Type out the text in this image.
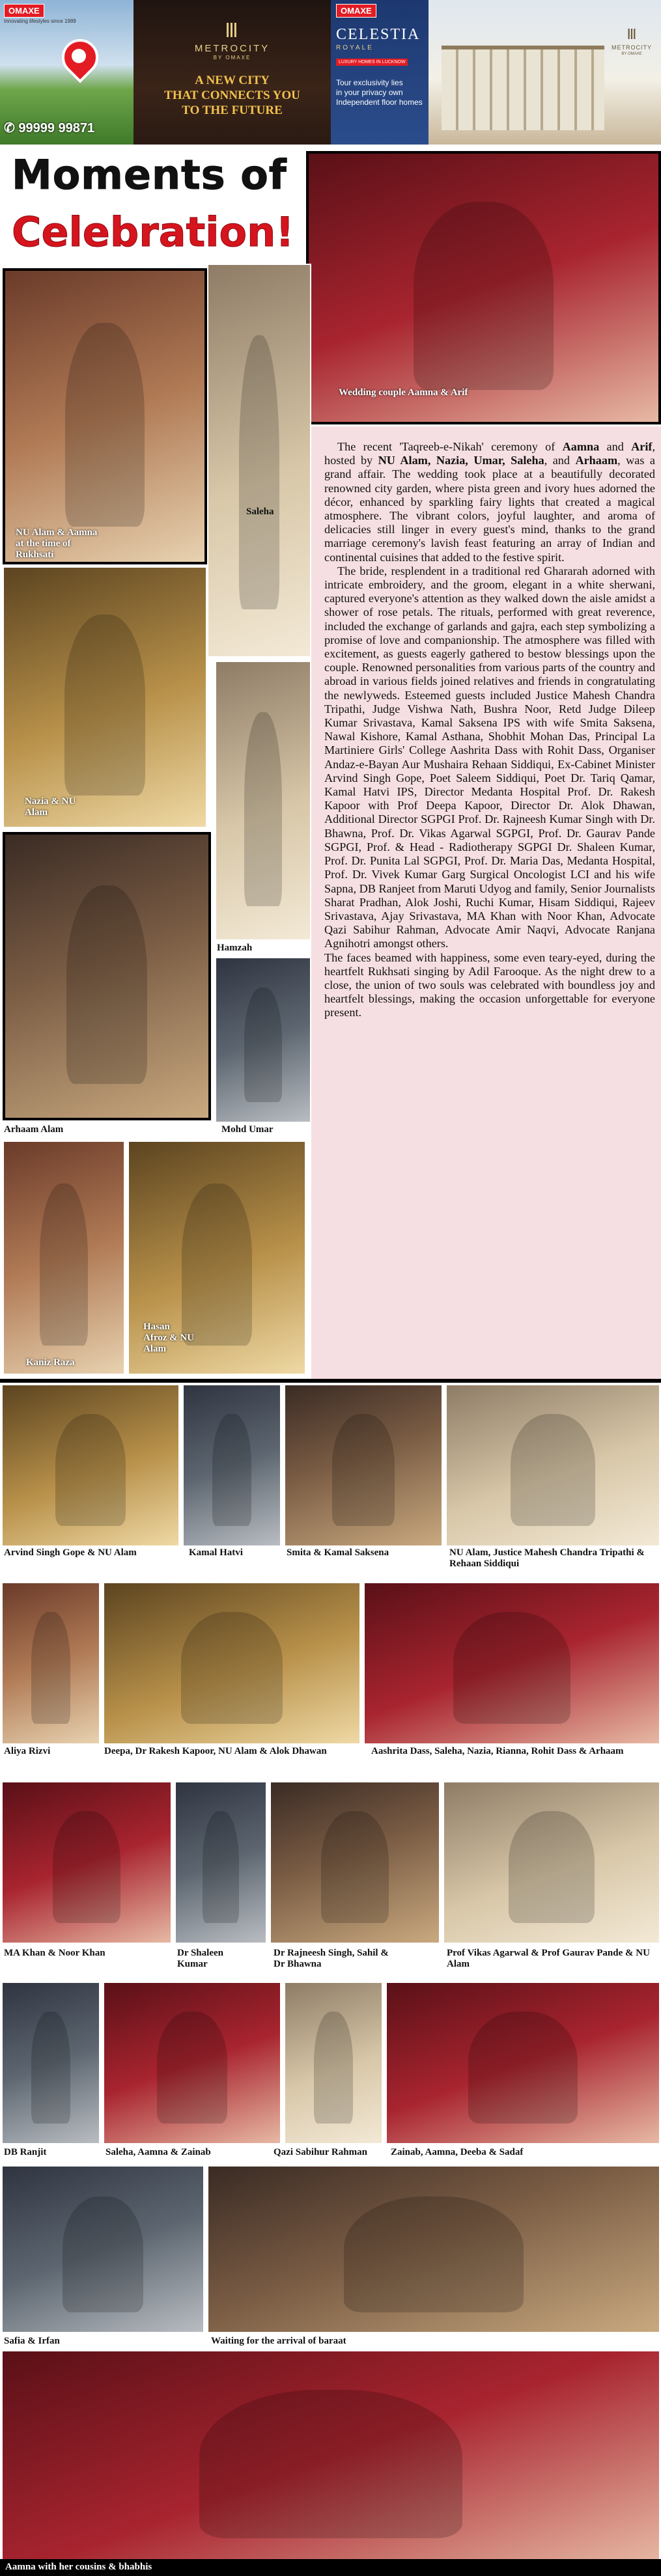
OMAXE
Innovating lifestyles since 1989	Ⅲ
METROCITY
BY OMAXE
A NEW CITY
THAT CONNECTS YOU
TO THE FUTURE
✆ 99999 99871
OMAXE
CELESTIA
ROYALE
LUXURY HOMES IN LUCKNOW
Tour exclusivity lies
in your privacy own
Independent floor homes
Ⅲ
METROCITY
BY OMAXE
Moments of
Celebration!
Wedding couple Aamna & Arif
NU Alam & Aamna at the time of Rukhsati
Saleha
Nazia & NU Alam
Hamzah
Arhaam Alam	Mohd Umar
Kaniz Raza
Hasan Afroz & NU Alam

The recent 'Taqreeb-e-Nikah' ceremony of Aamna and Arif, hosted by NU Alam, Nazia, Umar, Saleha, and Arhaam, was a grand affair. The wedding took place at a beautifully decorated renowned city garden, where pista green and ivory hues adorned the décor, enhanced by sparkling fairy lights that created a magical atmosphere. The vibrant colors, joyful laughter, and aroma of delicacies still linger in every guest's mind, thanks to the grand marriage ceremony's lavish feast featuring an array of Indian and continental cuisines that added to the festive spirit.

The bride, resplendent in a traditional red Ghararah adorned with intricate embroidery, and the groom, elegant in a white sherwani, captured everyone's attention as they walked down the aisle amidst a shower of rose petals. The rituals, performed with great reverence, included the exchange of garlands and gajra, each step symbolizing a promise of love and companionship. The atmosphere was filled with excitement, as guests eagerly gathered to bestow blessings upon the couple. Renowned personalities from various parts of the country and abroad in various fields joined relatives and friends in congratulating the newlyweds. Esteemed guests included Justice Mahesh Chandra Tripathi, Judge Vishwa Nath, Bushra Noor, Retd Judge Dileep Kumar Srivastava, Kamal Saksena IPS with wife Smita Saksena, Nawal Kishore, Kamal Asthana, Shobhit Mohan Das, Principal La Martiniere Girls' College Aashrita Dass with Rohit Dass, Organiser Andaz-e-Bayan Aur Mushaira Rehaan Siddiqui, Ex-Cabinet Minister Arvind Singh Gope, Poet Saleem Siddiqui, Poet Dr. Tariq Qamar, Kamal Hatvi IPS, Director Medanta Hospital Prof. Dr. Rakesh Kapoor with Prof Deepa Kapoor, Director Dr. Alok Dhawan, Additional Director SGPGI Prof. Dr. Rajneesh Kumar Singh with Dr. Bhawna, Prof. Dr. Vikas Agarwal SGPGI, Prof. Dr. Gaurav Pande SGPGI, Prof. & Head - Radiotherapy SGPGI Dr. Shaleen Kumar, Prof. Dr. Punita Lal SGPGI, Prof. Dr. Maria Das, Medanta Hospital, Prof. Dr. Vivek Kumar Garg Surgical Oncologist LCI and his wife Sapna, DB Ranjeet from Maruti Udyog and family, Senior Journalists Sharat Pradhan, Alok Joshi, Ruchi Kumar, Hisam Siddiqui, Rajeev Srivastava, Ajay Srivastava, MA Khan with Noor Khan, Advocate Qazi Sabihur Rahman, Advocate Amir Naqvi, Advocate Ranjana Agnihotri amongst others.

The faces beamed with happiness, some even teary-eyed, during the heartfelt Rukhsati singing by Adil Farooque. As the night drew to a close, the union of two souls was celebrated with boundless joy and heartfelt blessings, making the occasion unforgettable for everyone present.

Arvind Singh Gope & NU Alam	Kamal Hatvi	Smita & Kamal Saksena	NU Alam, Justice Mahesh Chandra Tripathi & Rehaan Siddiqui
Aliya Rizvi	Deepa, Dr Rakesh Kapoor, NU Alam & Alok Dhawan	Aashrita Dass, Saleha, Nazia, Rianna, Rohit Dass & Arhaam
MA Khan & Noor Khan	Dr Shaleen Kumar
Dr Rajneesh Singh, Sahil & Dr Bhawna
Prof Vikas Agarwal & Prof Gaurav Pande & NU Alam
DB Ranjit	Saleha, Aamna & Zainab	Qazi Sabihur Rahman Zainab, Aamna, Deeba & Sadaf
Safia & Irfan	Waiting for the arrival of baraat
Aamna with her cousins & bhabhis
